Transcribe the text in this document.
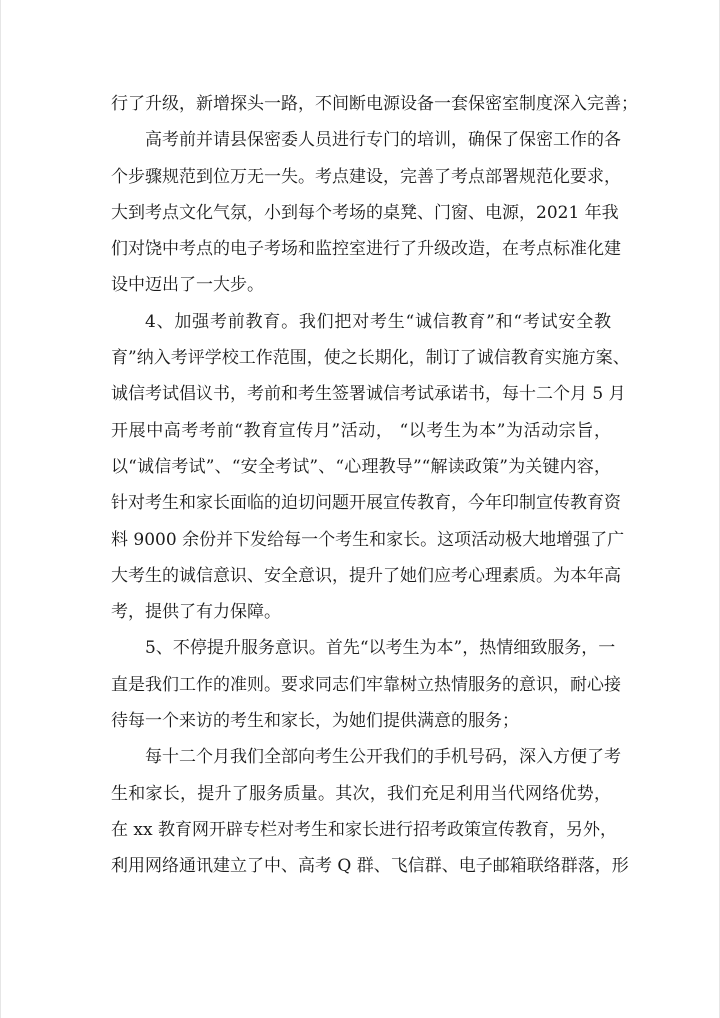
行了升级，新增探头一路，不间断电源设备一套保密室制度深入完善；
高考前并请县保密委人员进行专门的培训，确保了保密工作的各
个步骤规范到位万无一失。考点建设，完善了考点部署规范化要求，
大到考点文化气氛，小到每个考场的桌凳、门窗、电源，2021 年我
们对饶中考点的电子考场和监控室进行了升级改造，在考点标准化建
设中迈出了一大步。
4、加强考前教育。我们把对考生“诚信教育”和“考试安全教
育”纳入考评学校工作范围，使之长期化，制订了诚信教育实施方案、
诚信考试倡议书，考前和考生签署诚信考试承诺书，每十二个月 5 月
开展中高考考前“教育宣传月”活动， “以考生为本”为活动宗旨，
以“诚信考试”、“安全考试”、“心理教导”“解读政策”为关键内容，
针对考生和家长面临的迫切问题开展宣传教育，今年印制宣传教育资
料 9000 余份并下发给每一个考生和家长。这项活动极大地增强了广
大考生的诚信意识、安全意识，提升了她们应考心理素质。为本年高
考，提供了有力保障。
5、不停提升服务意识。首先“以考生为本”，热情细致服务，一
直是我们工作的准则。要求同志们牢靠树立热情服务的意识，耐心接
待每一个来访的考生和家长，为她们提供满意的服务；
每十二个月我们全部向考生公开我们的手机号码，深入方便了考
生和家长，提升了服务质量。其次，我们充足利用当代网络优势，
在 xx 教育网开辟专栏对考生和家长进行招考政策宣传教育，另外，
利用网络通讯建立了中、高考 Q 群、飞信群、电子邮箱联络群落，形
